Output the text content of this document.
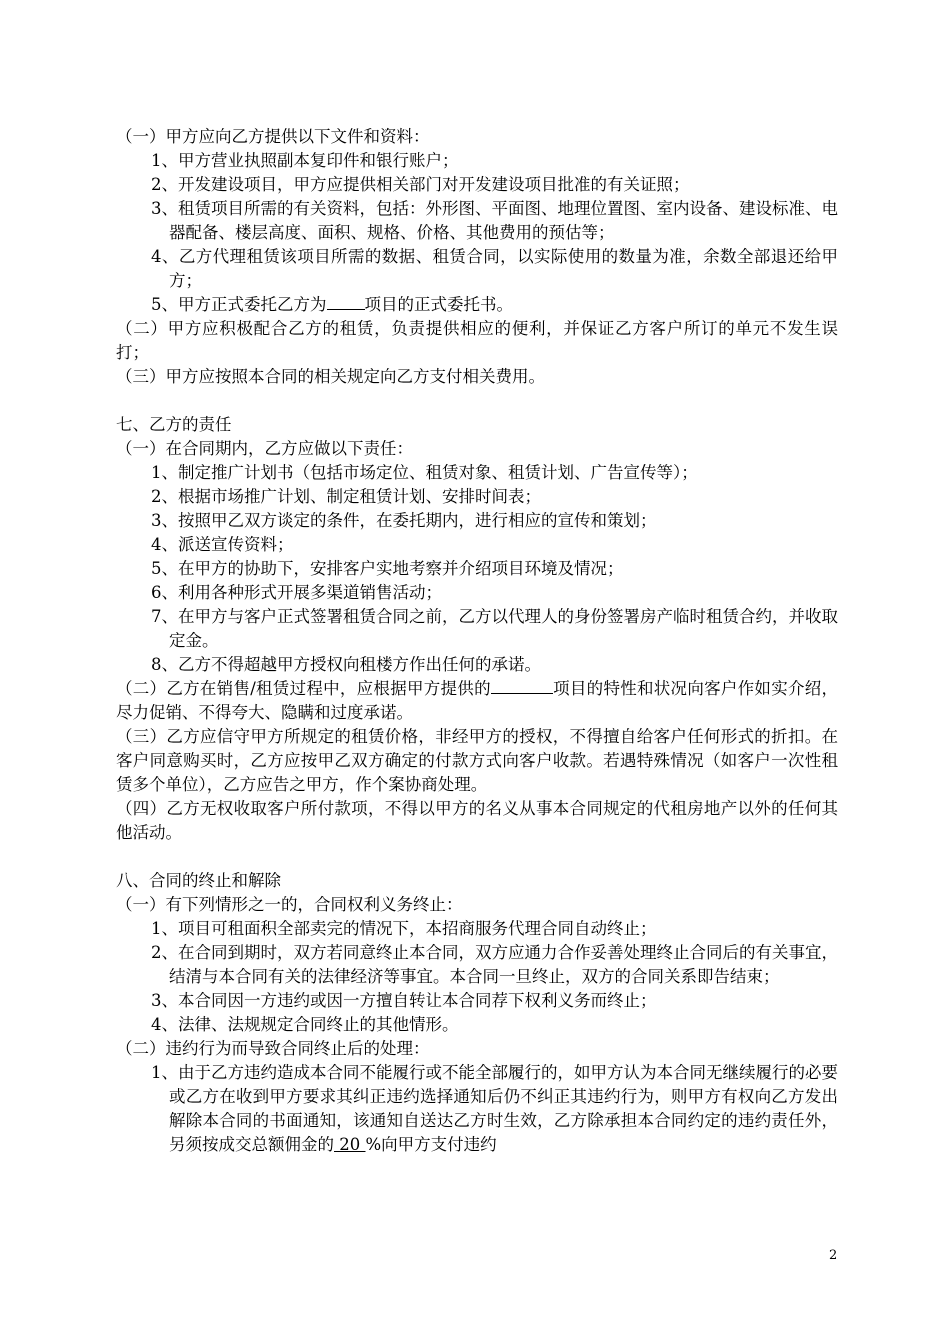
（一）甲方应向乙方提供以下文件和资料：

1、甲方营业执照副本复印件和银行账户；

2、开发建设项目，甲方应提供相关部门对开发建设项目批准的有关证照；

3、租赁项目所需的有关资料，包括：外形图、平面图、地理位置图、室内设备、建设标准、电器配备、楼层高度、面积、规格、价格、其他费用的预估等；

4、乙方代理租赁该项目所需的数据、租赁合同，以实际使用的数量为准，余数全部退还给甲方；

5、甲方正式委托乙方为 项目的正式委托书。

（二）甲方应积极配合乙方的租赁，负责提供相应的便利，并保证乙方客户所订的单元不发生误打；

（三）甲方应按照本合同的相关规定向乙方支付相关费用。

七、乙方的责任

（一）在合同期内，乙方应做以下责任：

1、制定推广计划书（包括市场定位、租赁对象、租赁计划、广告宣传等）；

2、根据市场推广计划、制定租赁计划、安排时间表；

3、按照甲乙双方谈定的条件，在委托期内，进行相应的宣传和策划；

4、派送宣传资料；

5、在甲方的协助下，安排客户实地考察并介绍项目环境及情况；

6、利用各种形式开展多渠道销售活动；

7、在甲方与客户正式签署租赁合同之前，乙方以代理人的身份签署房产临时租赁合约，并收取定金。

8、乙方不得超越甲方授权向租楼方作出任何的承诺。

（二）乙方在销售/租赁过程中，应根据甲方提供的	项目的特性和状况向客户作如实介绍，尽力促销、不得夸大、隐瞒和过度承诺。

（三）乙方应信守甲方所规定的租赁价格，非经甲方的授权，不得擅自给客户任何形式的折扣。在客户同意购买时，乙方应按甲乙双方确定的付款方式向客户收款。若遇特殊情况（如客户一次性租赁多个单位），乙方应告之甲方，作个案协商处理。

（四）乙方无权收取客户所付款项，不得以甲方的名义从事本合同规定的代租房地产以外的任何其他活动。

八、合同的终止和解除

（一）有下列情形之一的，合同权利义务终止：

1、项目可租面积全部卖完的情况下，本招商服务代理合同自动终止；

2、在合同到期时，双方若同意终止本合同，双方应通力合作妥善处理终止合同后的有关事宜，结清与本合同有关的法律经济等事宜。本合同一旦终止，双方的合同关系即告结束；

3、本合同因一方违约或因一方擅自转让本合同荐下权利义务而终止；

4、法律、法规规定合同终止的其他情形。

（二）违约行为而导致合同终止后的处理：

1、由于乙方违约造成本合同不能履行或不能全部履行的，如甲方认为本合同无继续履行的必要或乙方在收到甲方要求其纠正违约选择通知后仍不纠正其违约行为，则甲方有权向乙方发出解除本合同的书面通知，该通知自送达乙方时生效，乙方除承担本合同约定的违约责任外，另须按成交总额佣金的 20 %向甲方支付违约

2
